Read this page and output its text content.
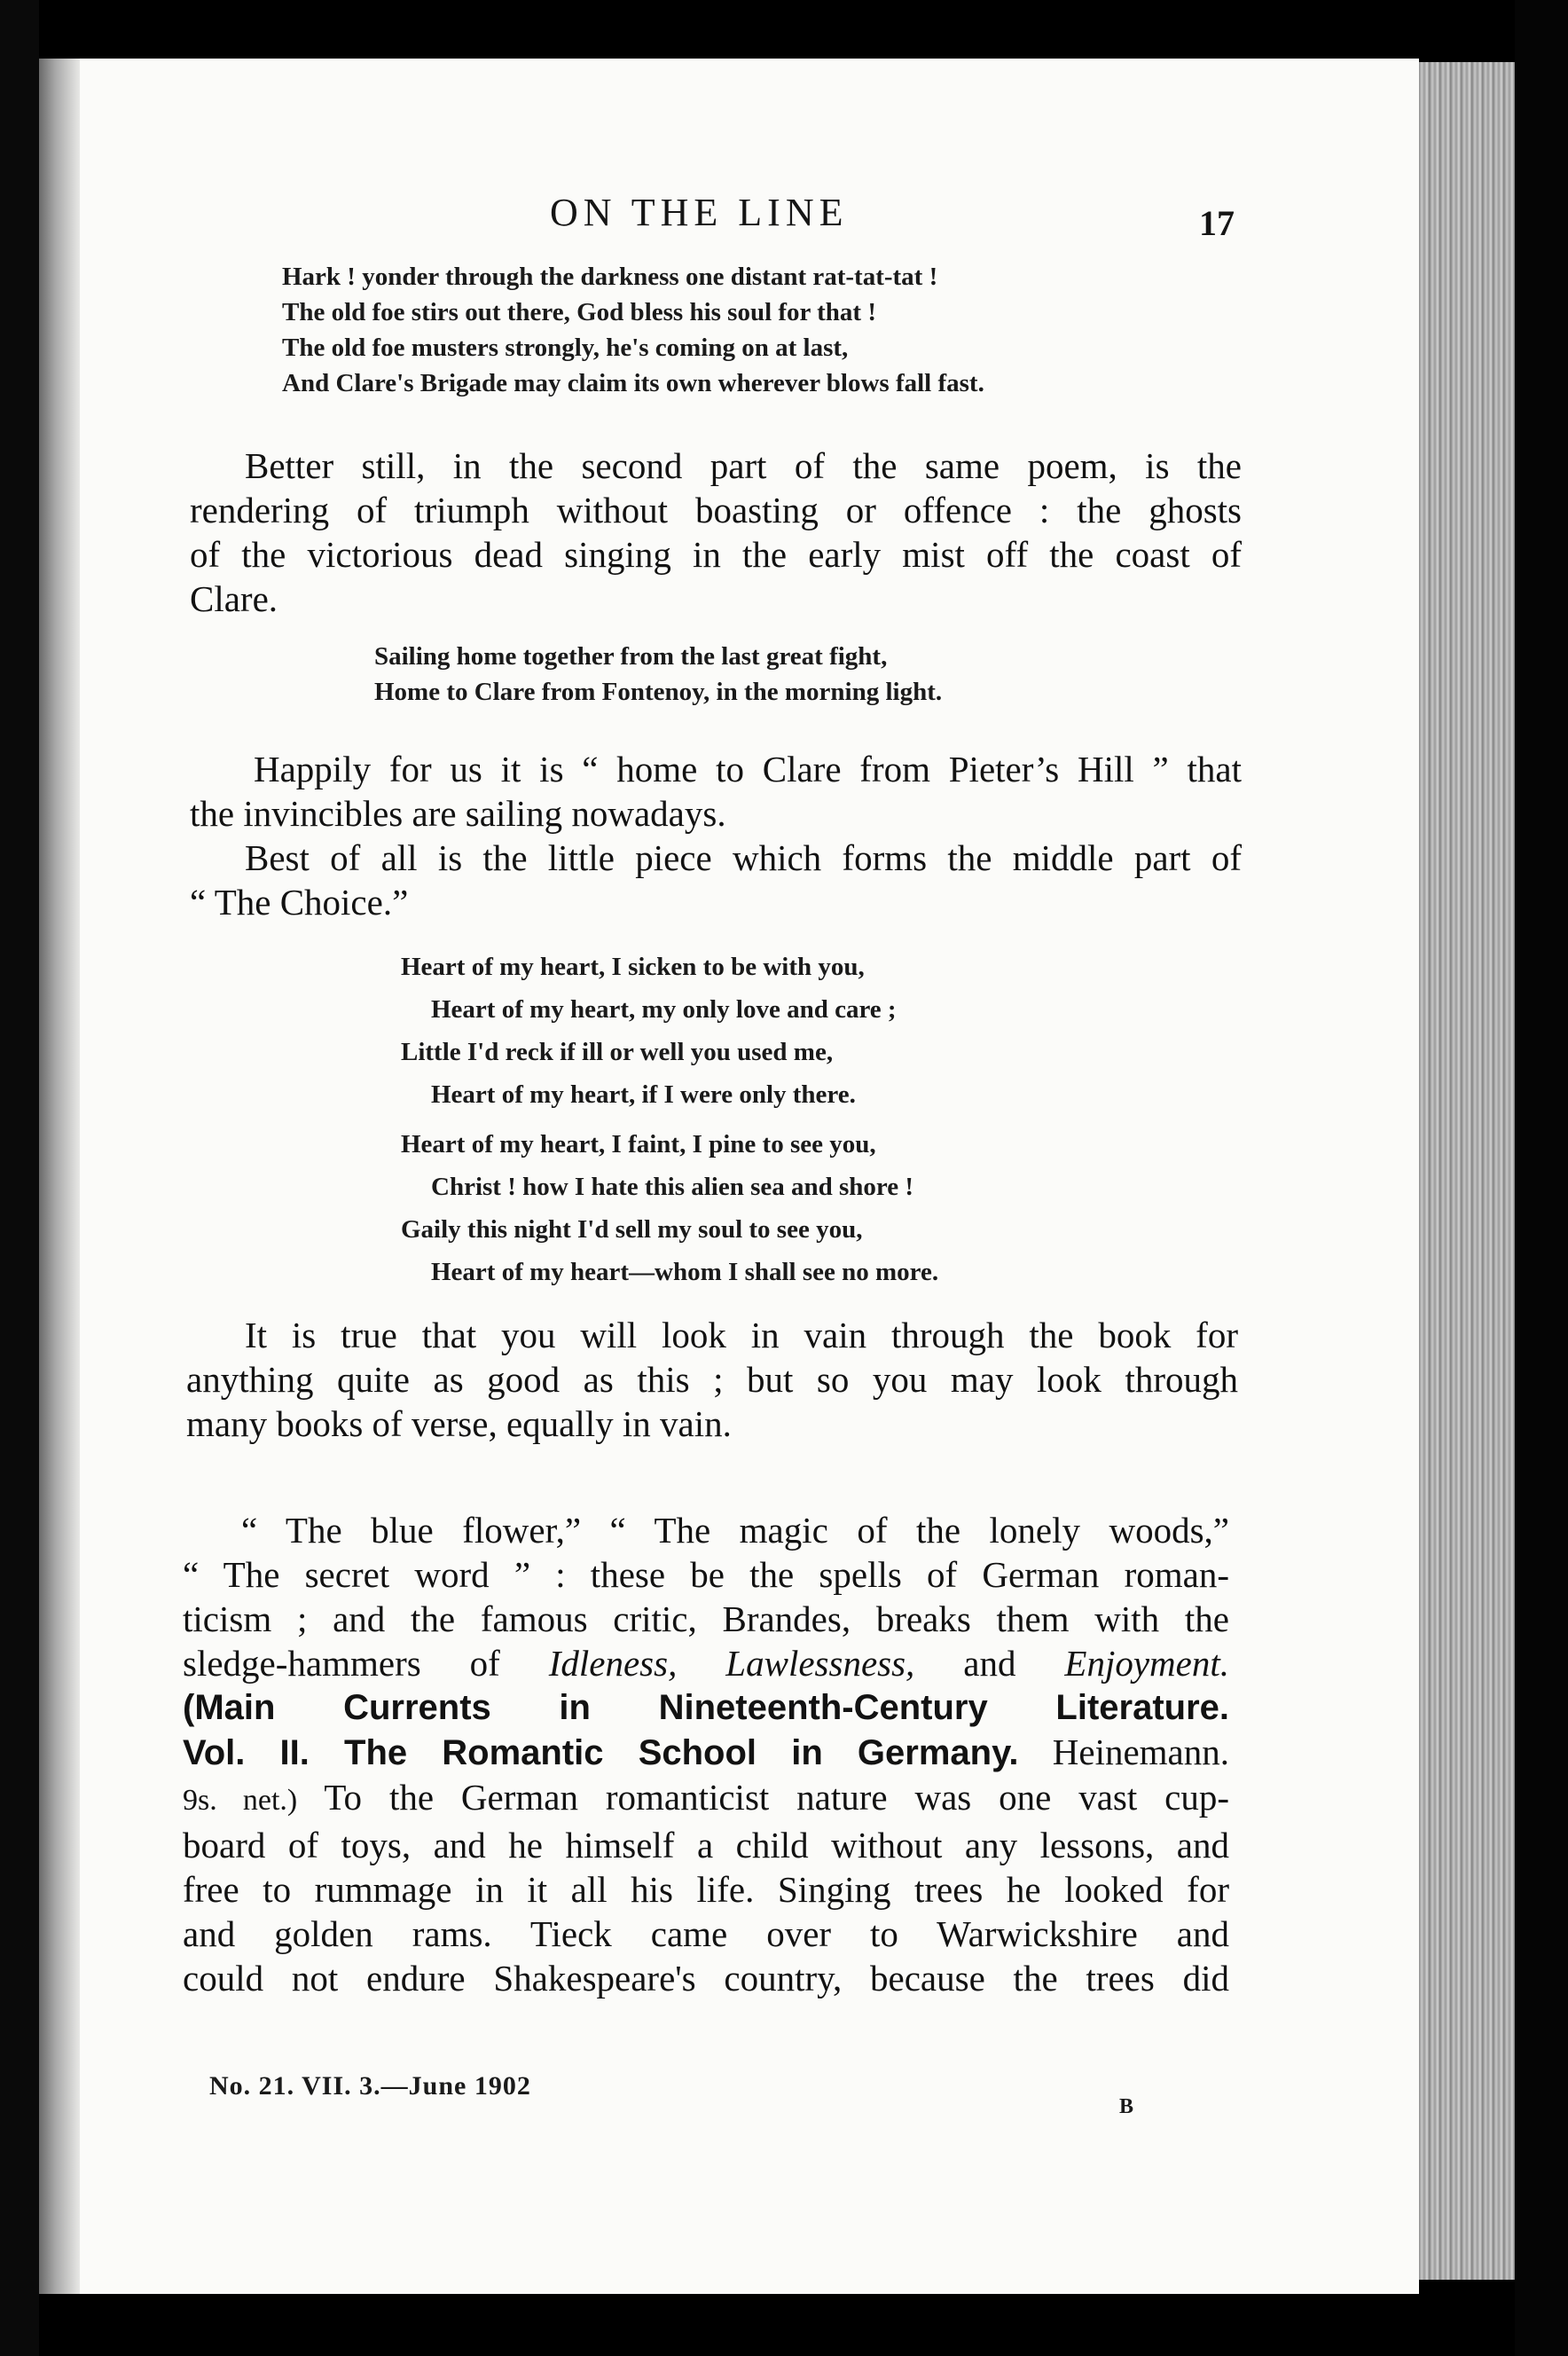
ON THE LINE	17
Hark ! yonder through the darkness one distant rat-tat-tat !
The old foe stirs out there, God bless his soul for that !
The old foe musters strongly, he's coming on at last,
And Clare's Brigade may claim its own wherever blows fall fast.
Better still, in the second part of the same poem, is the
rendering of triumph without boasting or offence : the ghosts
of the victorious dead singing in the early mist off the coast of
Clare.
Sailing home together from the last great fight,
Home to Clare from Fontenoy, in the morning light.
Happily for us it is “ home to Clare from Pieter’s Hill ” that
the invincibles are sailing nowadays.
Best of all is the little piece which forms the middle part of
“ The Choice.”
Heart of my heart, I sicken to be with you,
Heart of my heart, my only love and care ;
Little I'd reck if ill or well you used me,
Heart of my heart, if I were only there.
Heart of my heart, I faint, I pine to see you,
Christ ! how I hate this alien sea and shore !
Gaily this night I'd sell my soul to see you,
Heart of my heart—whom I shall see no more.
It is true that you will look in vain through the book for
anything quite as good as this ; but so you may look through
many books of verse, equally in vain.
“ The blue flower,” “ The magic of the lonely woods,”
“ The secret word ” : these be the spells of German roman-
ticism ; and the famous critic, Brandes, breaks them with the
sledge-hammers of Idleness, Lawlessness, and Enjoyment.
(Main Currents in Nineteenth-Century Literature.
Vol. II. The Romantic School in Germany. Heinemann.
9s. net.) To the German romanticist nature was one vast cup-
board of toys, and he himself a child without any lessons, and
free to rummage in it all his life. Singing trees he looked for
and golden rams. Tieck came over to Warwickshire and
could not endure Shakespeare's country, because the trees did
No. 21. VII. 3.—June 1902
B
